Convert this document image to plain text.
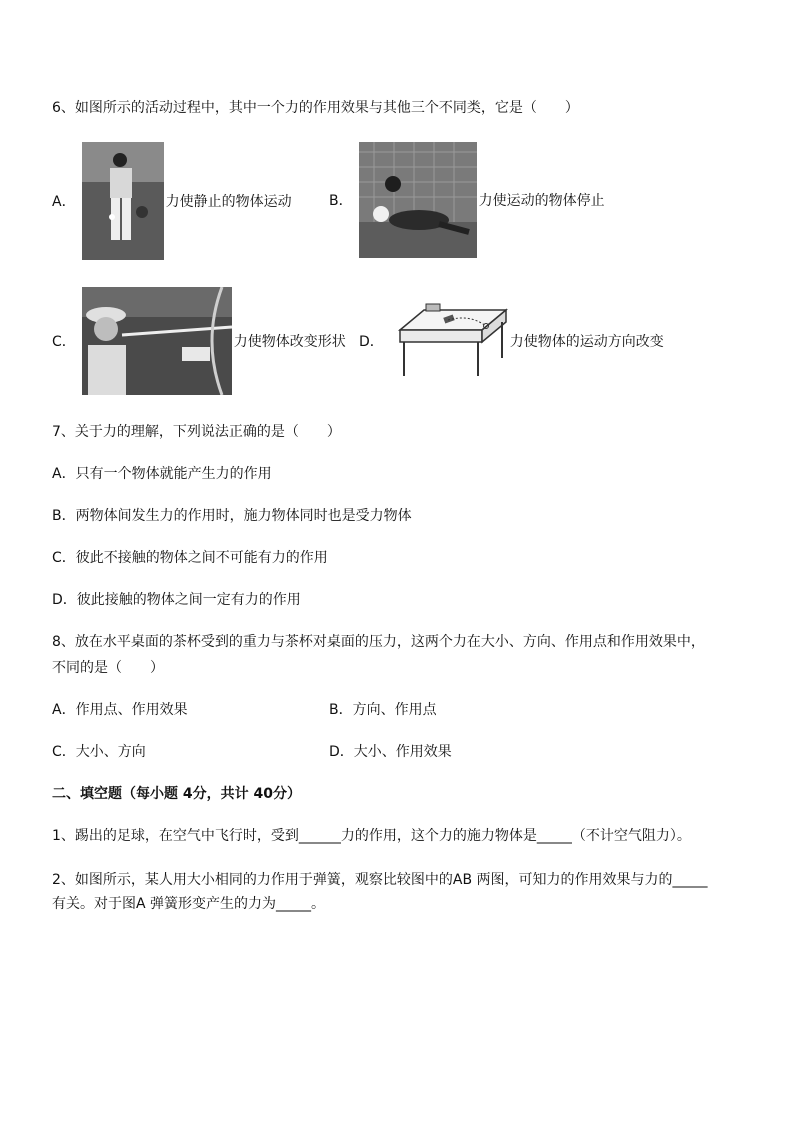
6、如图所示的活动过程中，其中一个力的作用效果与其他三个不同类，它是（　　）
A．	力使静止的物体运动	B．	力使运动的物体停止
C．	力使物体改变形状 D．	力使物体的运动方向改变
7、关于力的理解，下列说法正确的是（　　）
A．只有一个物体就能产生力的作用
B．两物体间发生力的作用时，施力物体同时也是受力物体
C．彼此不接触的物体之间不可能有力的作用
D．彼此接触的物体之间一定有力的作用
8、放在水平桌面的茶杯受到的重力与茶杯对桌面的压力，这两个力在大小、方向、作用点和作用效果中，
不同的是（　　）
A．作用点、作用效果	B．方向、作用点
C．大小、方向	D．大小、作用效果
二、填空题（每小题 4分，共计 40分）
1、踢出的足球，在空气中飞行时，受到______力的作用，这个力的施力物体是_____（不计空气阻力）。
2、如图所示，某人用大小相同的力作用于弹簧，观察比较图中的AB 两图，可知力的作用效果与力的_____
有关。对于图A 弹簧形变产生的力为_____。
